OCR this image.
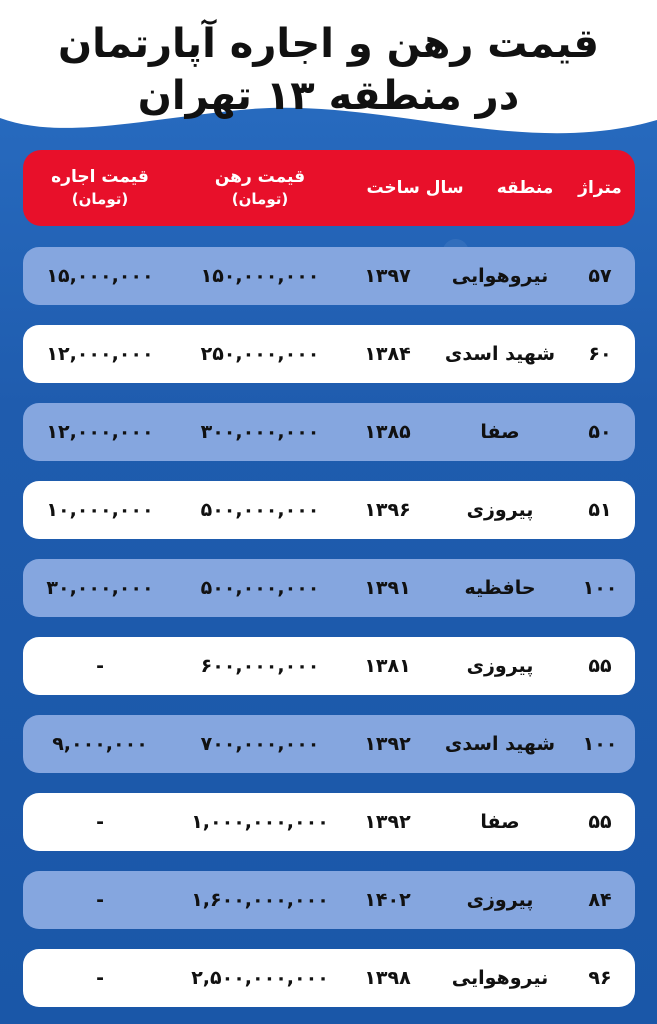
قیمت رهن و اجاره آپارتمان
در منطقه ۱۳ تهران
متراژ
منطقه
سال ساخت
قیمت رهن
(تومان)
قیمت اجاره
(تومان)
۵۷
نیروهوایی
۱۳۹۷
۱۵۰,۰۰۰,۰۰۰
۱۵,۰۰۰,۰۰۰
۶۰
شهید اسدی
۱۳۸۴
۲۵۰,۰۰۰,۰۰۰
۱۲,۰۰۰,۰۰۰
۵۰
صفا
۱۳۸۵
۳۰۰,۰۰۰,۰۰۰
۱۲,۰۰۰,۰۰۰
۵۱
پیروزی
۱۳۹۶
۵۰۰,۰۰۰,۰۰۰
۱۰,۰۰۰,۰۰۰
۱۰۰
حافظیه
۱۳۹۱
۵۰۰,۰۰۰,۰۰۰
۳۰,۰۰۰,۰۰۰
۵۵
پیروزی
۱۳۸۱
۶۰۰,۰۰۰,۰۰۰
-
۱۰۰
شهید اسدی
۱۳۹۲
۷۰۰,۰۰۰,۰۰۰
۹,۰۰۰,۰۰۰
۵۵
صفا
۱۳۹۲
۱,۰۰۰,۰۰۰,۰۰۰
-
۸۴
پیروزی
۱۴۰۲
۱,۶۰۰,۰۰۰,۰۰۰
-
۹۶
نیروهوایی
۱۳۹۸
۲,۵۰۰,۰۰۰,۰۰۰
-
